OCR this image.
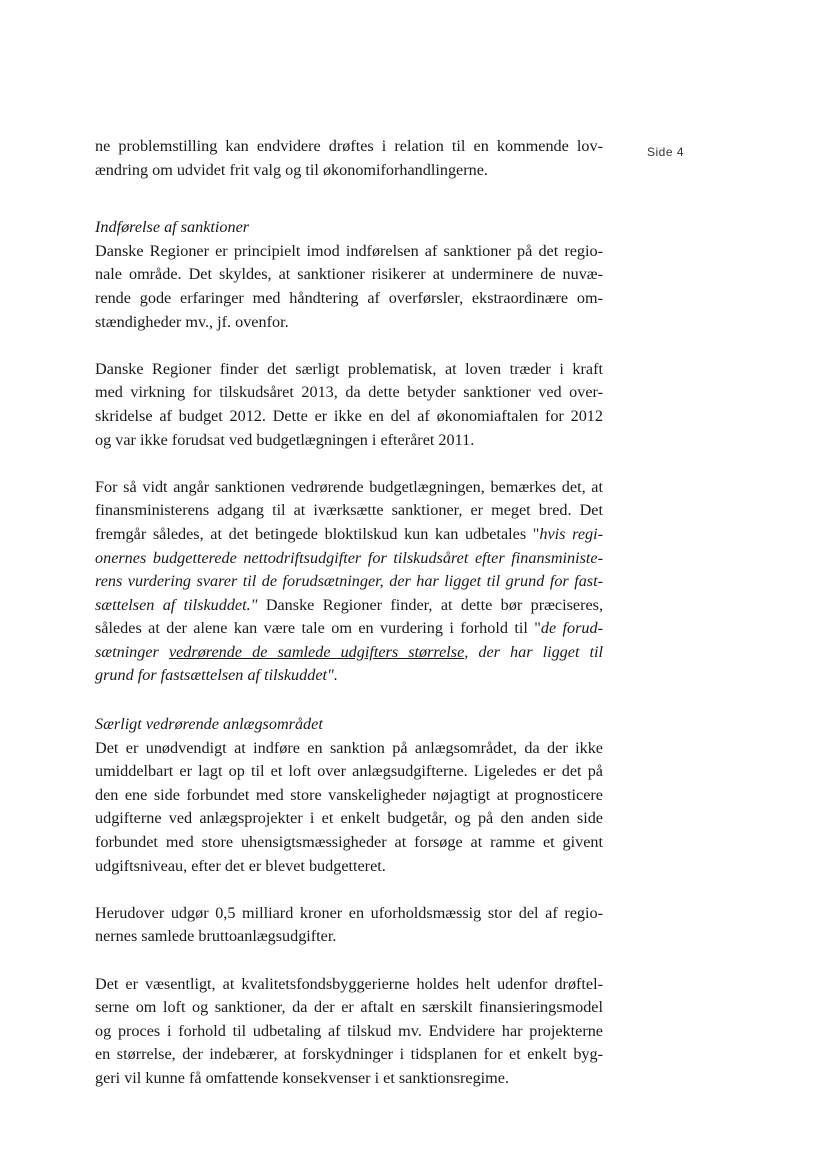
Side 4

ne problemstilling kan endvidere drøftes i relation til en kommende lov-
ændring om udvidet frit valg og til økonomiforhandlingerne.

Indførelse af sanktioner

Danske Regioner er principielt imod indførelsen af sanktioner på det regio-
nale område. Det skyldes, at sanktioner risikerer at underminere de nuvæ-
rende gode erfaringer med håndtering af overførsler, ekstraordinære om-
stændigheder mv., jf. ovenfor.

Danske Regioner finder det særligt problematisk, at loven træder i kraft
med virkning for tilskudsåret 2013, da dette betyder sanktioner ved over-
skridelse af budget 2012. Dette er ikke en del af økonomiaftalen for 2012
og var ikke forudsat ved budgetlægningen i efteråret 2011.

For så vidt angår sanktionen vedrørende budgetlægningen, bemærkes det, at
finansministerens adgang til at iværksætte sanktioner, er meget bred. Det
fremgår således, at det betingede bloktilskud kun kan udbetales "hvis regi-
onernes budgetterede nettodriftsudgifter for tilskudsåret efter finansministe-
rens vurdering svarer til de forudsætninger, der har ligget til grund for fast-
sættelsen af tilskuddet." Danske Regioner finder, at dette bør præciseres,
således at der alene kan være tale om en vurdering i forhold til "de forud-
sætninger vedrørende de samlede udgifters størrelse, der har ligget til
grund for fastsættelsen af tilskuddet".

Særligt vedrørende anlægsområdet

Det er unødvendigt at indføre en sanktion på anlægsområdet, da der ikke
umiddelbart er lagt op til et loft over anlægsudgifterne. Ligeledes er det på
den ene side forbundet med store vanskeligheder nøjagtigt at prognosticere
udgifterne ved anlægsprojekter i et enkelt budgetår, og på den anden side
forbundet med store uhensigtsmæssigheder at forsøge at ramme et givent
udgiftsniveau, efter det er blevet budgetteret.

Herudover udgør 0,5 milliard kroner en uforholdsmæssig stor del af regio-
nernes samlede bruttoanlægsudgifter.

Det er væsentligt, at kvalitetsfondsbyggerierne holdes helt udenfor drøftel-
serne om loft og sanktioner, da der er aftalt en særskilt finansieringsmodel
og proces i forhold til udbetaling af tilskud mv. Endvidere har projekterne
en størrelse, der indebærer, at forskydninger i tidsplanen for et enkelt byg-
geri vil kunne få omfattende konsekvenser i et sanktionsregime.
